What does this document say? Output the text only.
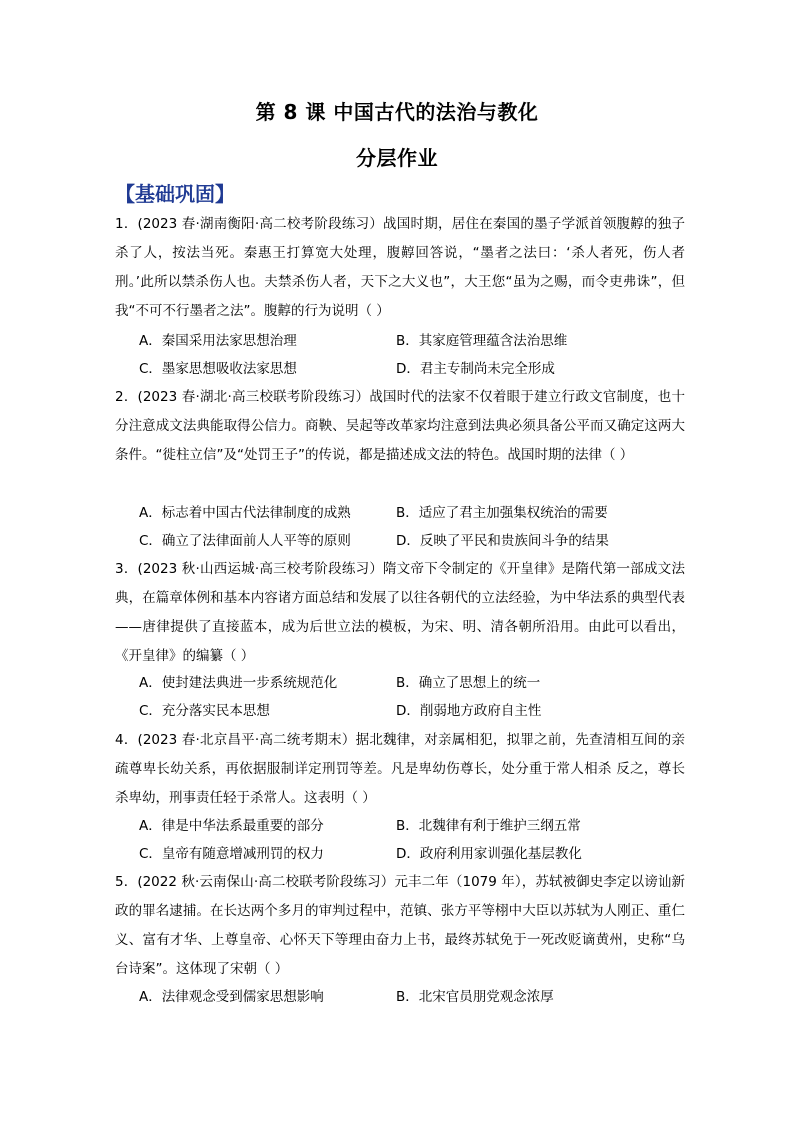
第 8 课 中国古代的法治与教化
分层作业
【基础巩固】

1．(2023 春·湖南衡阳·高二校考阶段练习）战国时期，居住在秦国的墨子学派首领腹䵍的独子杀了人，按法当死。秦惠王打算宽大处理，腹䵍回答说，“墨者之法曰：‘杀人者死，伤人者刑。’此所以禁杀伤人也。夫禁杀伤人者，天下之大义也”，大王您“虽为之赐，而令吏弗诛”，但我“不可不行墨者之法”。腹䵍的行为说明（ ）

A．秦国采用法家思想治理	B．其家庭管理蕴含法治思维
C．墨家思想吸收法家思想	D．君主专制尚未完全形成

2．(2023 春·湖北·高三校联考阶段练习）战国时代的法家不仅着眼于建立行政文官制度，也十分注意成文法典能取得公信力。商鞅、吴起等改革家均注意到法典必须具备公平而又确定这两大条件。“徙柱立信”及“处罚王子”的传说，都是描述成文法的特色。战国时期的法律（ ）

A．标志着中国古代法律制度的成熟	B．适应了君主加强集权统治的需要
C．确立了法律面前人人平等的原则	D．反映了平民和贵族间斗争的结果

3．(2023 秋·山西运城·高三校考阶段练习）隋文帝下令制定的《开皇律》是隋代第一部成文法典，在篇章体例和基本内容诸方面总结和发展了以往各朝代的立法经验，为中华法系的典型代表——唐律提供了直接蓝本，成为后世立法的模板，为宋、明、清各朝所沿用。由此可以看出，《开皇律》的编纂（ ）

A．使封建法典进一步系统规范化	B．确立了思想上的统一
C．充分落实民本思想	D．削弱地方政府自主性

4．(2023 春·北京昌平·高二统考期末）据北魏律，对亲属相犯，拟罪之前，先查清相互间的亲疏尊卑长幼关系，再依据服制详定刑罚等差。凡是卑幼伤尊长，处分重于常人相杀 反之，尊长杀卑幼，刑事责任轻于杀常人。这表明（ ）

A．律是中华法系最重要的部分	B．北魏律有利于维护三纲五常
C．皇帝有随意增减刑罚的权力	D．政府利用家训强化基层教化

5．(2022 秋·云南保山·高二校联考阶段练习）元丰二年（1079 年），苏轼被御史李定以谤讪新政的罪名逮捕。在长达两个多月的审判过程中，范镇、张方平等栩中大臣以苏轼为人刚正、重仁义、富有才华、上尊皇帝、心怀天下等理由奋力上书，最终苏轼免于一死改贬谪黄州，史称“乌台诗案”。这体现了宋朝（ ）

A．法律观念受到儒家思想影响	B．北宋官员朋党观念浓厚
